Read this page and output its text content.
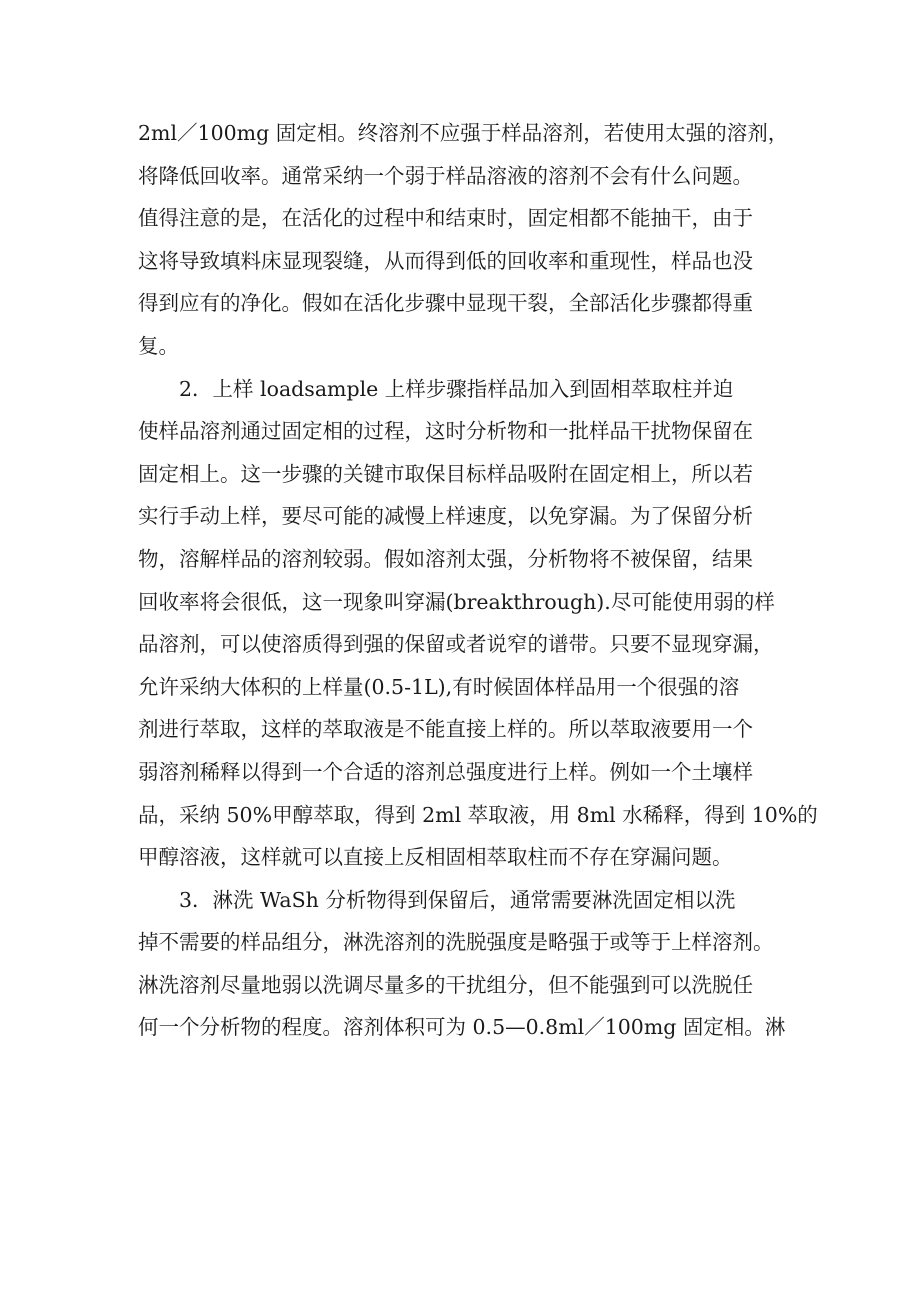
2ml／100mg 固定相。终溶剂不应强于样品溶剂，若使用太强的溶剂，
将降低回收率。通常采纳一个弱于样品溶液的溶剂不会有什么问题。
值得注意的是，在活化的过程中和结束时，固定相都不能抽干，由于
这将导致填料床显现裂缝，从而得到低的回收率和重现性，样品也没
得到应有的净化。假如在活化步骤中显现干裂，全部活化步骤都得重
复。
　　2．上样 loadsample 上样步骤指样品加入到固相萃取柱并迫
使样品溶剂通过固定相的过程，这时分析物和一批样品干扰物保留在
固定相上。这一步骤的关键市取保目标样品吸附在固定相上，所以若
实行手动上样，要尽可能的减慢上样速度，以免穿漏。为了保留分析
物，溶解样品的溶剂较弱。假如溶剂太强，分析物将不被保留，结果
回收率将会很低，这一现象叫穿漏(breakthrough).尽可能使用弱的样
品溶剂，可以使溶质得到强的保留或者说窄的谱带。只要不显现穿漏，
允许采纳大体积的上样量(0.5-1L),有时候固体样品用一个很强的溶
剂进行萃取，这样的萃取液是不能直接上样的。所以萃取液要用一个
弱溶剂稀释以得到一个合适的溶剂总强度进行上样。例如一个土壤样
品，采纳 50%甲醇萃取，得到 2ml 萃取液，用 8ml 水稀释，得到 10%的
甲醇溶液，这样就可以直接上反相固相萃取柱而不存在穿漏问题。
　　3．淋洗 WaSh 分析物得到保留后，通常需要淋洗固定相以洗
掉不需要的样品组分，淋洗溶剂的洗脱强度是略强于或等于上样溶剂。
淋洗溶剂尽量地弱以洗调尽量多的干扰组分，但不能强到可以洗脱任
何一个分析物的程度。溶剂体积可为 0.5—0.8ml／100mg 固定相。淋
